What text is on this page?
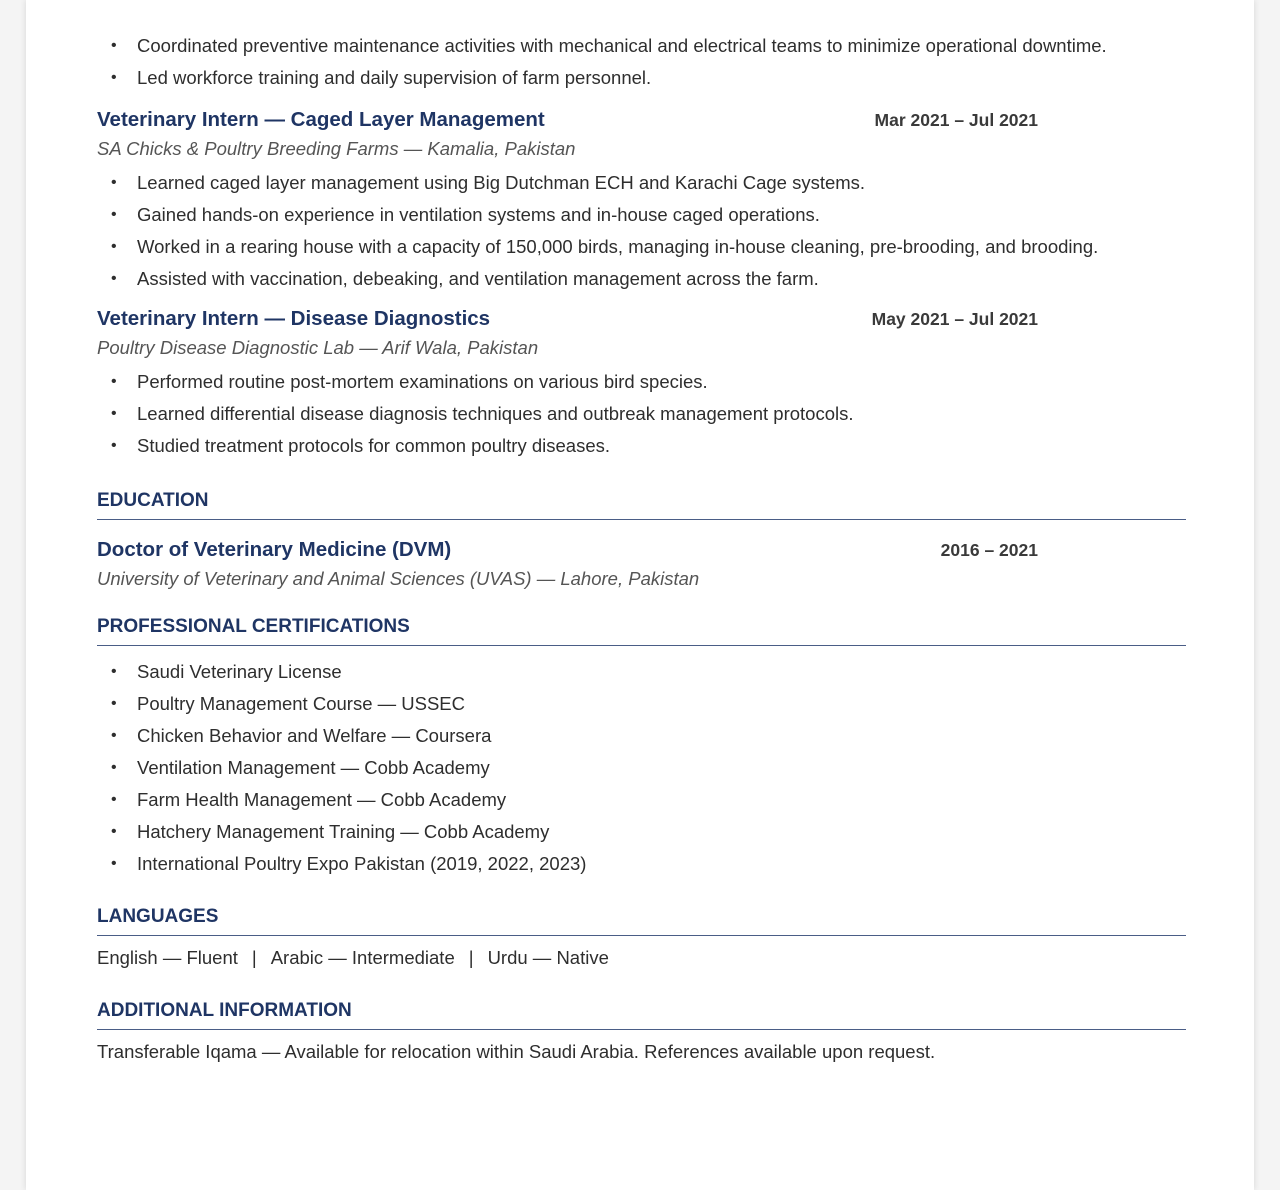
• Coordinated preventive maintenance activities with mechanical and electrical teams to minimize operational downtime.
• Led workforce training and daily supervision of farm personnel.
Veterinary Intern — Caged Layer Management	Mar 2021 – Jul 2021
SA Chicks & Poultry Breeding Farms — Kamalia, Pakistan
• Learned caged layer management using Big Dutchman ECH and Karachi Cage systems.
• Gained hands-on experience in ventilation systems and in-house caged operations.
• Worked in a rearing house with a capacity of 150,000 birds, managing in-house cleaning, pre-brooding, and brooding.
• Assisted with vaccination, debeaking, and ventilation management across the farm.
Veterinary Intern — Disease Diagnostics	May 2021 – Jul 2021
Poultry Disease Diagnostic Lab — Arif Wala, Pakistan
• Performed routine post-mortem examinations on various bird species.
• Learned differential disease diagnosis techniques and outbreak management protocols.
• Studied treatment protocols for common poultry diseases.
EDUCATION
Doctor of Veterinary Medicine (DVM)	2016 – 2021
University of Veterinary and Animal Sciences (UVAS) — Lahore, Pakistan
PROFESSIONAL CERTIFICATIONS
• Saudi Veterinary License
• Poultry Management Course — USSEC
• Chicken Behavior and Welfare — Coursera
• Ventilation Management — Cobb Academy
• Farm Health Management — Cobb Academy
• Hatchery Management Training — Cobb Academy
• International Poultry Expo Pakistan (2019, 2022, 2023)
LANGUAGES
English — Fluent | Arabic — Intermediate | Urdu — Native
ADDITIONAL INFORMATION
Transferable Iqama — Available for relocation within Saudi Arabia. References available upon request.
